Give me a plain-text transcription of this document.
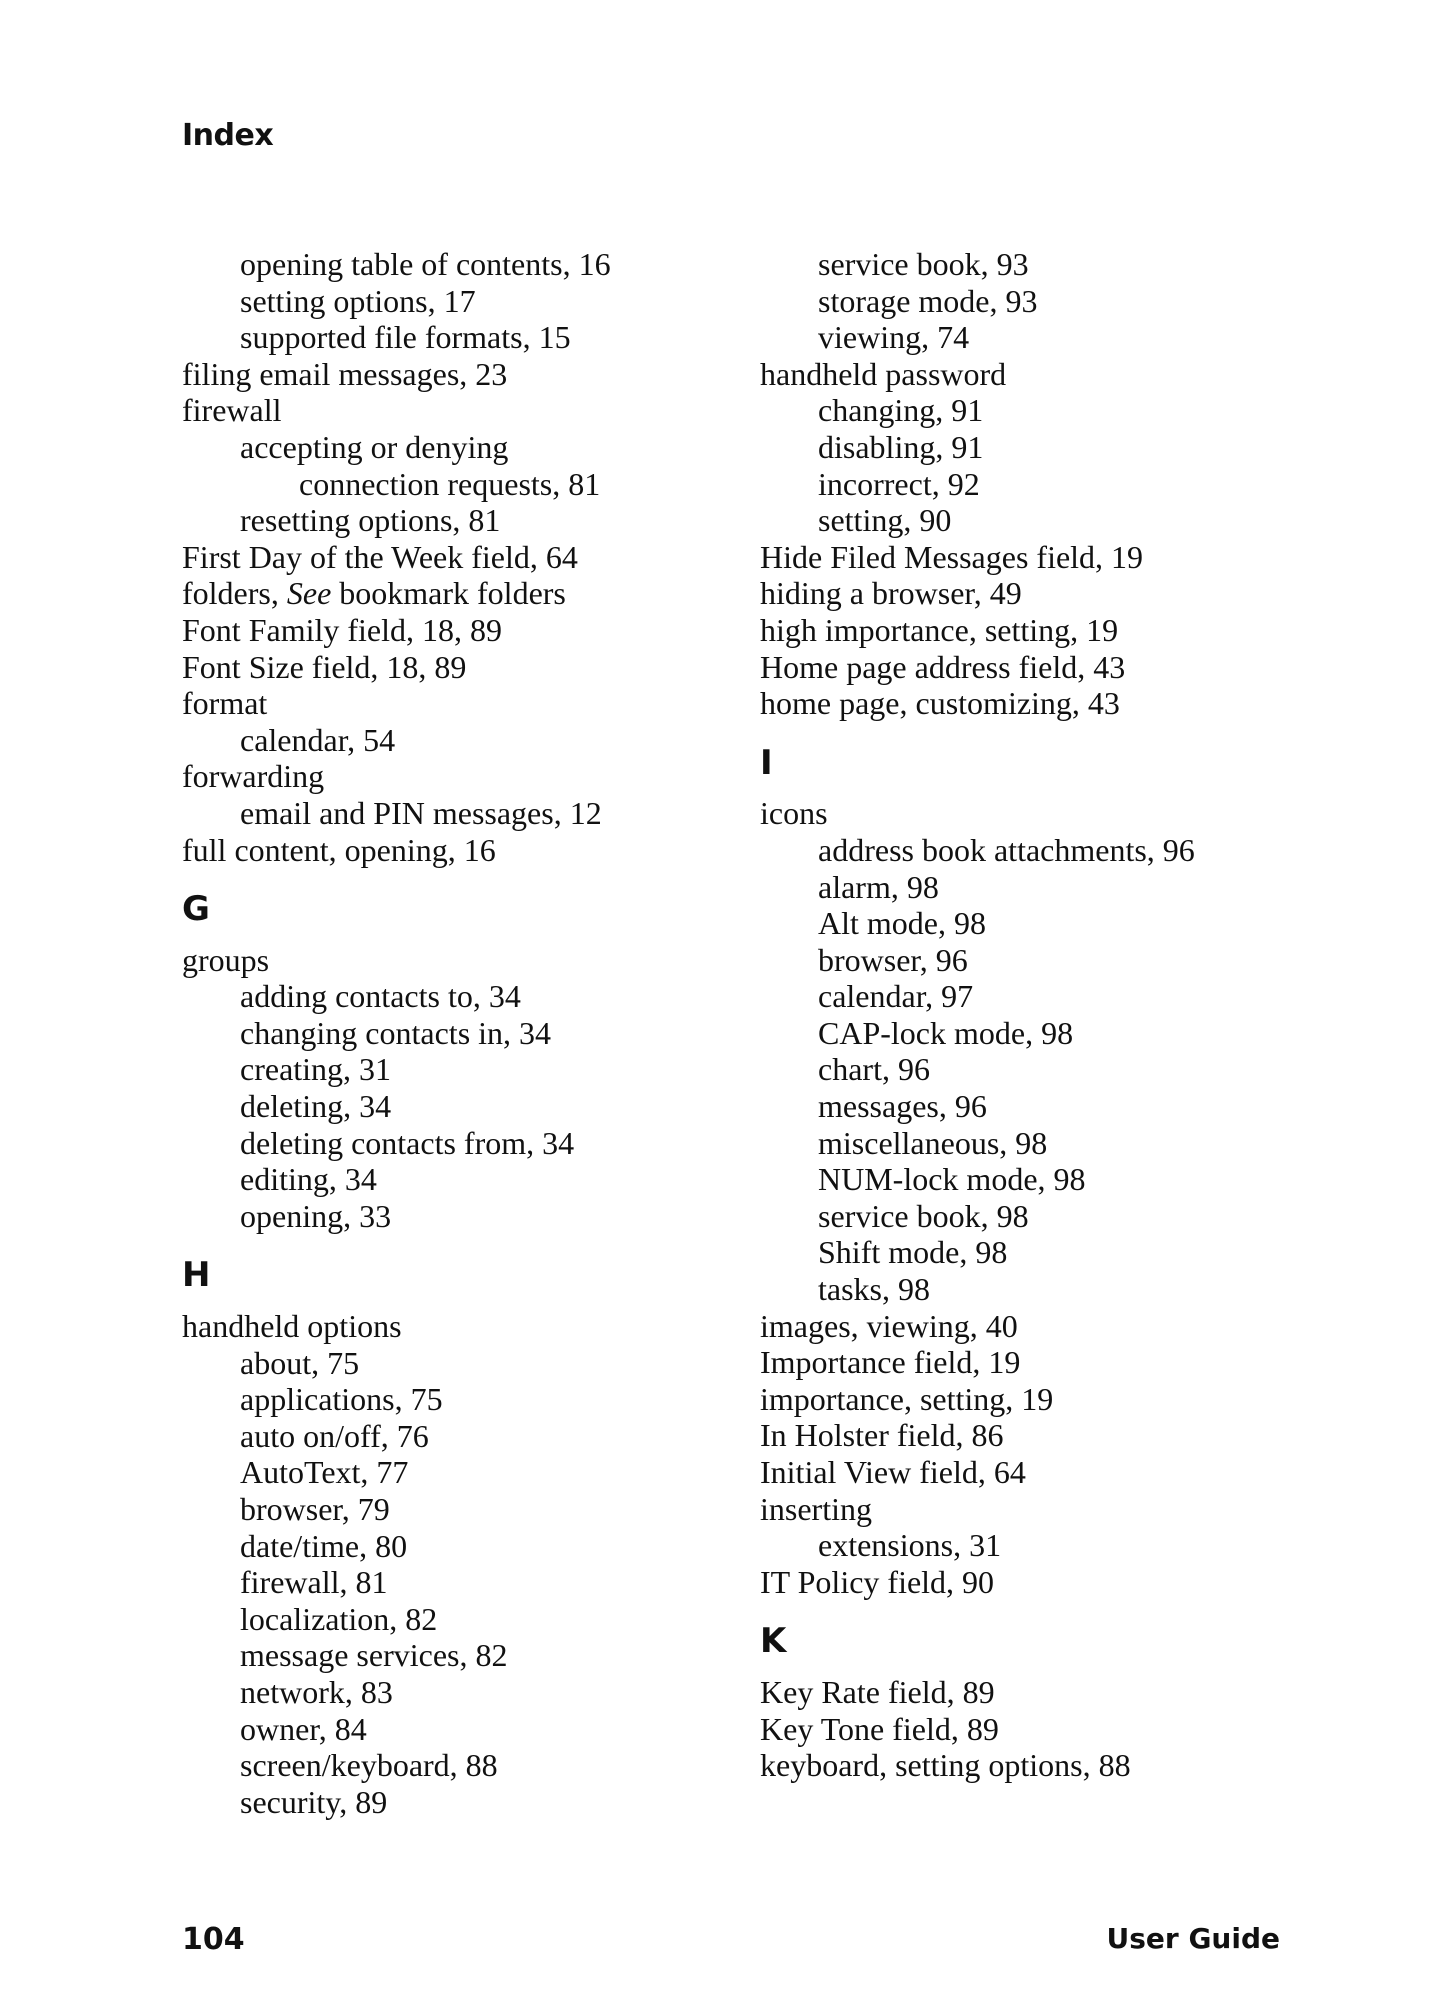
Index
opening table of contents, 16
setting options, 17
supported file formats, 15
filing email messages, 23
firewall
accepting or denying
connection requests, 81
resetting options, 81
First Day of the Week field, 64
folders, See bookmark folders
Font Family field, 18, 89
Font Size field, 18, 89
format
calendar, 54
forwarding
email and PIN messages, 12
full content, opening, 16
G
groups
adding contacts to, 34
changing contacts in, 34
creating, 31
deleting, 34
deleting contacts from, 34
editing, 34
opening, 33
H
handheld options
about, 75
applications, 75
auto on/off, 76
AutoText, 77
browser, 79
date/time, 80
firewall, 81
localization, 82
message services, 82
network, 83
owner, 84
screen/keyboard, 88
security, 89
service book, 93
storage mode, 93
viewing, 74
handheld password
changing, 91
disabling, 91
incorrect, 92
setting, 90
Hide Filed Messages field, 19
hiding a browser, 49
high importance, setting, 19
Home page address field, 43
home page, customizing, 43
I
icons
address book attachments, 96
alarm, 98
Alt mode, 98
browser, 96
calendar, 97
CAP-lock mode, 98
chart, 96
messages, 96
miscellaneous, 98
NUM-lock mode, 98
service book, 98
Shift mode, 98
tasks, 98
images, viewing, 40
Importance field, 19
importance, setting, 19
In Holster field, 86
Initial View field, 64
inserting
extensions, 31
IT Policy field, 90
K
Key Rate field, 89
Key Tone field, 89
keyboard, setting options, 88
104	User Guide
